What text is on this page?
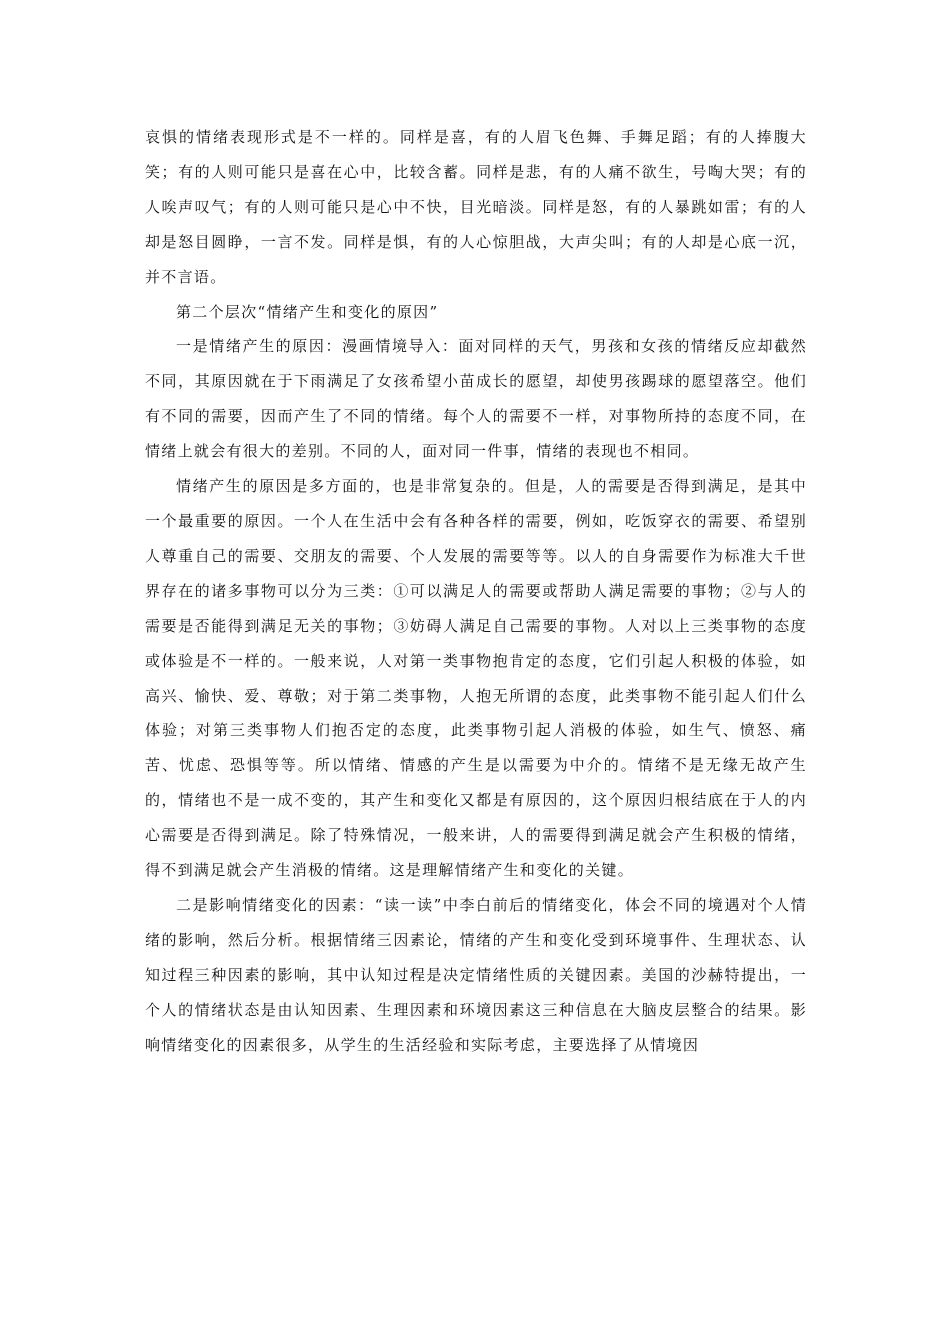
哀惧的情绪表现形式是不一样的。同样是喜，有的人眉飞色舞、手舞足蹈；有的人捧腹大笑；有的人则可能只是喜在心中，比较含蓄。同样是悲，有的人痛不欲生，号啕大哭；有的人唉声叹气；有的人则可能只是心中不快，目光暗淡。同样是怒，有的人暴跳如雷；有的人却是怒目圆睁，一言不发。同样是惧，有的人心惊胆战，大声尖叫；有的人却是心底一沉，并不言语。

第二个层次“情绪产生和变化的原因”

一是情绪产生的原因：漫画情境导入：面对同样的天气，男孩和女孩的情绪反应却截然不同，其原因就在于下雨满足了女孩希望小苗成长的愿望，却使男孩踢球的愿望落空。他们有不同的需要，因而产生了不同的情绪。每个人的需要不一样，对事物所持的态度不同，在情绪上就会有很大的差别。不同的人，面对同一件事，情绪的表现也不相同。

情绪产生的原因是多方面的，也是非常复杂的。但是，人的需要是否得到满足，是其中一个最重要的原因。一个人在生活中会有各种各样的需要，例如，吃饭穿衣的需要、希望别人尊重自己的需要、交朋友的需要、个人发展的需要等等。以人的自身需要作为标准大千世界存在的诸多事物可以分为三类：①可以满足人的需要或帮助人满足需要的事物；②与人的需要是否能得到满足无关的事物；③妨碍人满足自己需要的事物。人对以上三类事物的态度或体验是不一样的。一般来说，人对第一类事物抱肯定的态度，它们引起人积极的体验，如高兴、愉快、爱、尊敬；对于第二类事物，人抱无所谓的态度，此类事物不能引起人们什么体验；对第三类事物人们抱否定的态度，此类事物引起人消极的体验，如生气、愤怒、痛苦、忧虑、恐惧等等。所以情绪、情感的产生是以需要为中介的。情绪不是无缘无故产生的，情绪也不是一成不变的，其产生和变化又都是有原因的，这个原因归根结底在于人的内心需要是否得到满足。除了特殊情况，一般来讲，人的需要得到满足就会产生积极的情绪，得不到满足就会产生消极的情绪。这是理解情绪产生和变化的关键。

二是影响情绪变化的因素：“读一读”中李白前后的情绪变化，体会不同的境遇对个人情绪的影响，然后分析。根据情绪三因素论，情绪的产生和变化受到环境事件、生理状态、认知过程三种因素的影响，其中认知过程是决定情绪性质的关键因素。美国的沙赫特提出，一个人的情绪状态是由认知因素、生理因素和环境因素这三种信息在大脑皮层整合的结果。影响情绪变化的因素很多，从学生的生活经验和实际考虑，主要选择了从情境因
